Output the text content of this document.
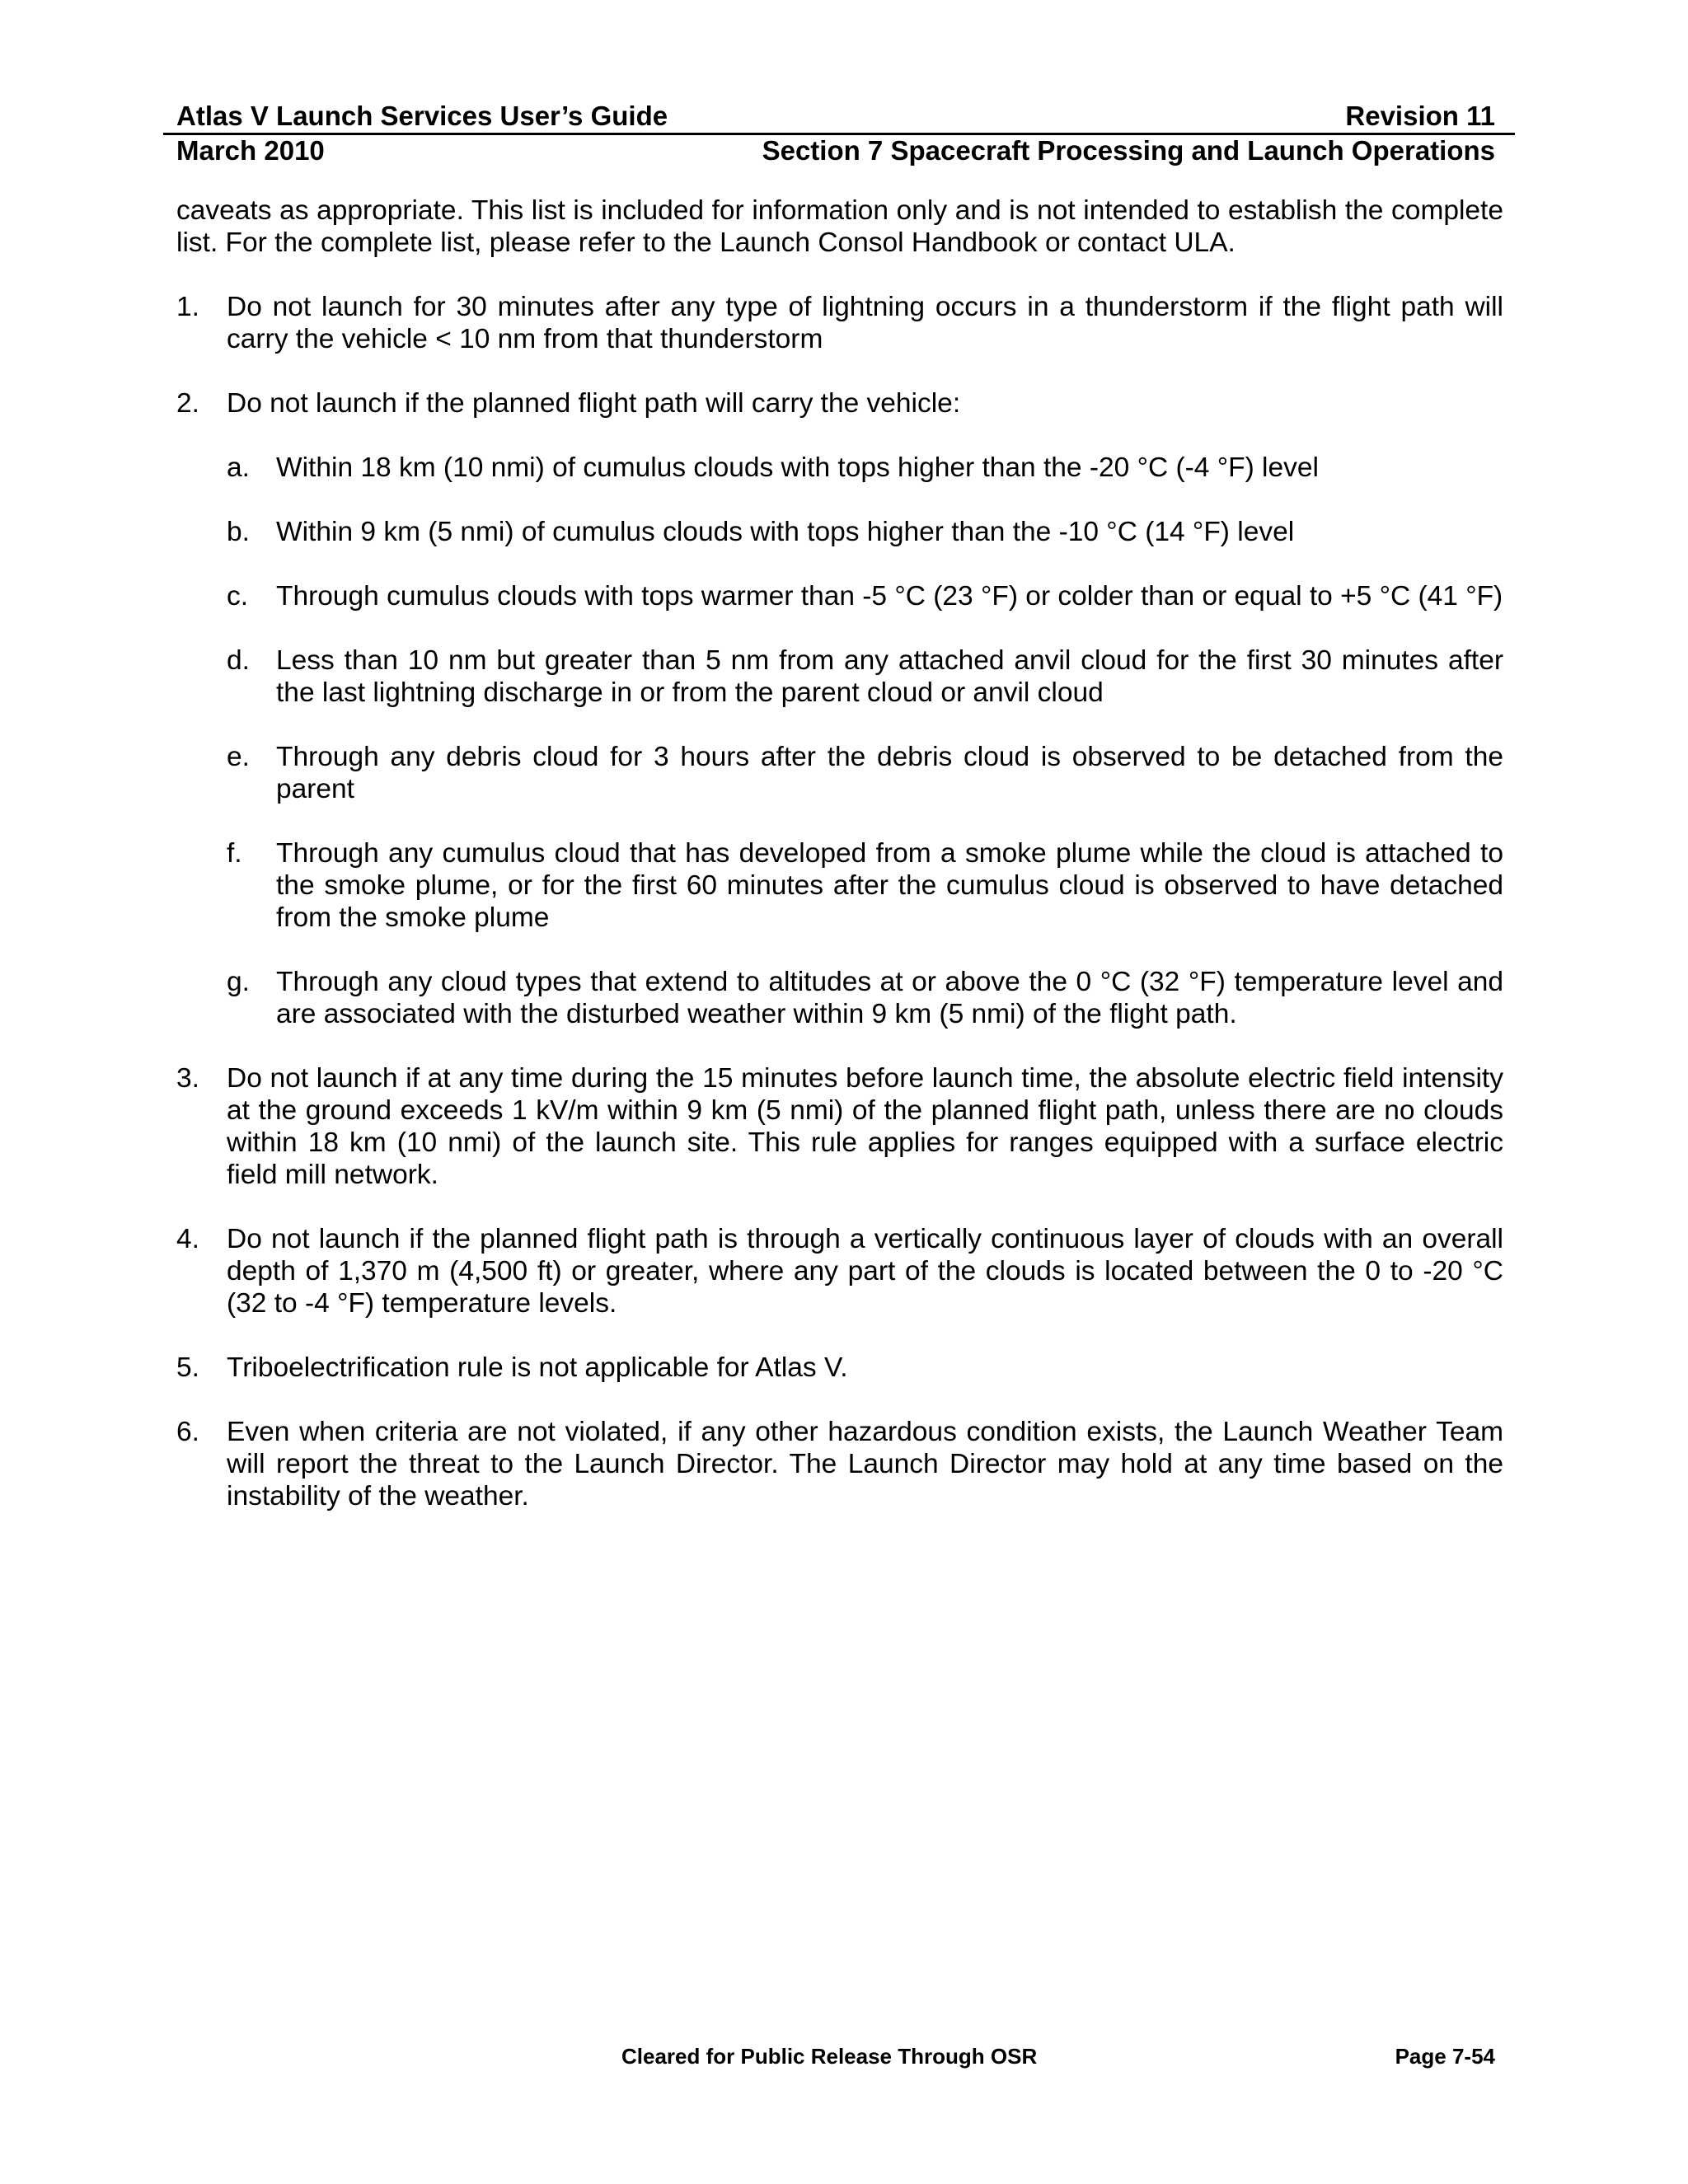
Atlas V Launch Services User’s Guide	Revision 11
March 2010	Section 7 Spacecraft Processing and Launch Operations

caveats as appropriate. This list is included for information only and is not intended to establish the complete list. For the complete list, please refer to the Launch Consol Handbook or contact ULA.

1. Do not launch for 30 minutes after any type of lightning occurs in a thunderstorm if the flight path will carry the vehicle < 10 nm from that thunderstorm
2. Do not launch if the planned flight path will carry the vehicle:
a. Within 18 km (10 nmi) of cumulus clouds with tops higher than the -20 °C (-4 °F) level
b. Within 9 km (5 nmi) of cumulus clouds with tops higher than the -10 °C (14 °F) level
c. Through cumulus clouds with tops warmer than -5 °C (23 °F) or colder than or equal to +5 °C (41 °F)
d. Less than 10 nm but greater than 5 nm from any attached anvil cloud for the first 30 minutes after the last lightning discharge in or from the parent cloud or anvil cloud
e. Through any debris cloud for 3 hours after the debris cloud is observed to be detached from the parent
f. Through any cumulus cloud that has developed from a smoke plume while the cloud is attached to the smoke plume, or for the first 60 minutes after the cumulus cloud is observed to have detached from the smoke plume
g. Through any cloud types that extend to altitudes at or above the 0 °C (32 °F) temperature level and are associated with the disturbed weather within 9 km (5 nmi) of the flight path.
3. Do not launch if at any time during the 15 minutes before launch time, the absolute electric field intensity at the ground exceeds 1 kV/m within 9 km (5 nmi) of the planned flight path, unless there are no clouds within 18 km (10 nmi) of the launch site. This rule applies for ranges equipped with a surface electric field mill network.
4. Do not launch if the planned flight path is through a vertically continuous layer of clouds with an overall depth of 1,370 m (4,500 ft) or greater, where any part of the clouds is located between the 0 to -20 °C (32 to -4 °F) temperature levels.
5. Triboelectrification rule is not applicable for Atlas V.
6. Even when criteria are not violated, if any other hazardous condition exists, the Launch Weather Team will report the threat to the Launch Director. The Launch Director may hold at any time based on the instability of the weather.
Cleared for Public Release Through OSR	Page 7-54
